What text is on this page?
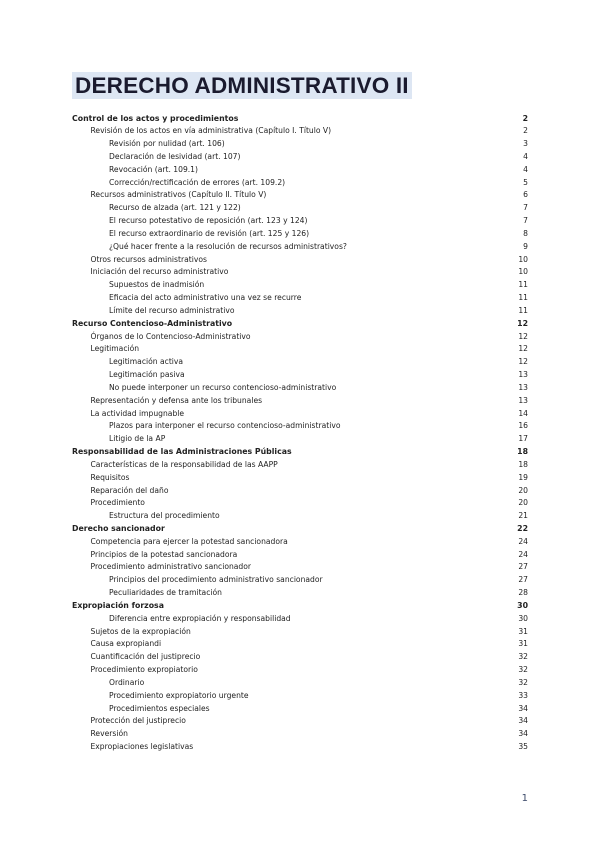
DERECHO ADMINISTRATIVO II
Control de los actos y procedimientos	2
Revisión de los actos en vía administrativa (Capítulo I. Título V)	2
Revisión por nulidad (art. 106)	3
Declaración de lesividad (art. 107)	4
Revocación (art. 109.1)	4
Corrección/rectificación de errores (art. 109.2)	5
Recursos administrativos (Capítulo II. Título V)	6
Recurso de alzada (art. 121 y 122)	7
El recurso potestativo de reposición (art. 123 y 124)	7
El recurso extraordinario de revisión (art. 125 y 126)	8
¿Qué hacer frente a la resolución de recursos administrativos?	9
Otros recursos administrativos	10
Iniciación del recurso administrativo	10
Supuestos de inadmisión	11
Eficacia del acto administrativo una vez se recurre	11
Límite del recurso administrativo	11
Recurso Contencioso-Administrativo	12
Órganos de lo Contencioso-Administrativo	12
Legitimación	12
Legitimación activa	12
Legitimación pasiva	13
No puede interponer un recurso contencioso-administrativo	13
Representación y defensa ante los tribunales	13
La actividad impugnable	14
Plazos para interponer el recurso contencioso-administrativo	16
Litigio de la AP	17
Responsabilidad de las Administraciones Públicas	18
Características de la responsabilidad de las AAPP	18
Requisitos	19
Reparación del daño	20
Procedimiento	20
Estructura del procedimiento	21
Derecho sancionador	22
Competencia para ejercer la potestad sancionadora	24
Principios de la potestad sancionadora	24
Procedimiento administrativo sancionador	27
Principios del procedimiento administrativo sancionador	27
Peculiaridades de tramitación	28
Expropiación forzosa	30
Diferencia entre expropiación y responsabilidad	30
Sujetos de la expropiación	31
Causa expropiandi	31
Cuantificación del justiprecio	32
Procedimiento expropiatorio	32
Ordinario	32
Procedimiento expropiatorio urgente	33
Procedimientos especiales	34
Protección del justiprecio	34
Reversión	34
Expropiaciones legislativas	35
1
